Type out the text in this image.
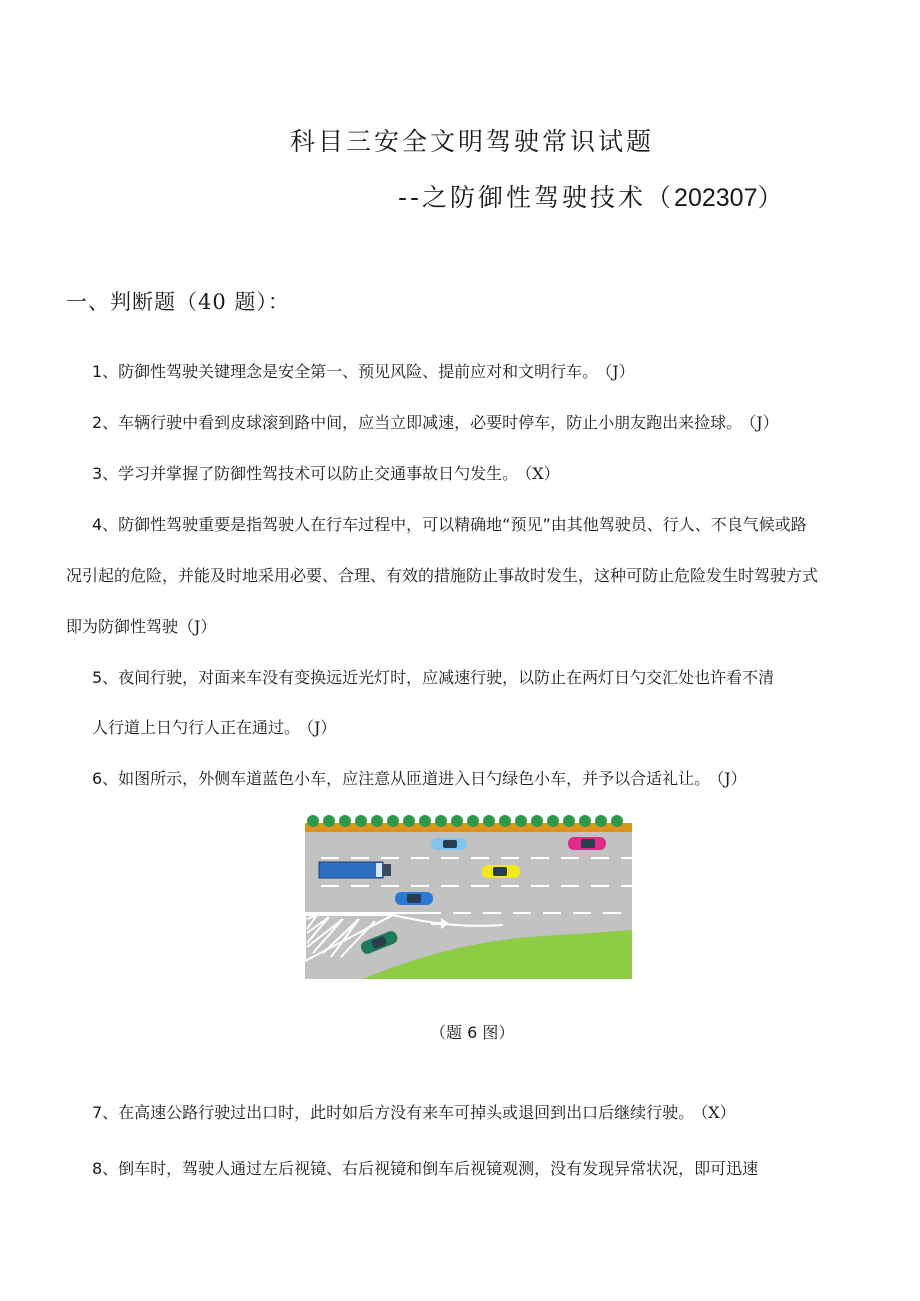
科目三安全文明驾驶常识试题
--之防御性驾驶技术（202307）
一、判断题（40 题）：
1、防御性驾驶关键理念是安全第一、预见风险、提前应对和文明行车。 （J）
2、车辆行驶中看到皮球滚到路中间，应当立即减速，必要时停车，防止小朋友跑出来捡球。 （J）
3、学习并掌握了防御性驾技术可以防止交通事故日勺发生。 （X）
4、防御性驾驶重要是指驾驶人在行车过程中，可以精确地“预见”由其他驾驶员、行人、不良气候或路
况引起的危险，并能及时地采用必要、合理、有效的措施防止事故时发生，这种可防止危险发生时驾驶方式
即为防御性驾驶（J）
5、夜间行驶，对面来车没有变换远近光灯时，应减速行驶，以防止在两灯日勺交汇处也许看不清
人行道上日勺行人正在通过。 （J）
6、如图所示，外侧车道蓝色小车，应注意从匝道进入日勺绿色小车，并予以合适礼让。 （J）
（题 6 图）
7、在高速公路行驶过出口时，此时如后方没有来车可掉头或退回到出口后继续行驶。 （X）
8、倒车时，驾驶人通过左后视镜、右后视镜和倒车后视镜观测，没有发现异常状况，即可迅速
